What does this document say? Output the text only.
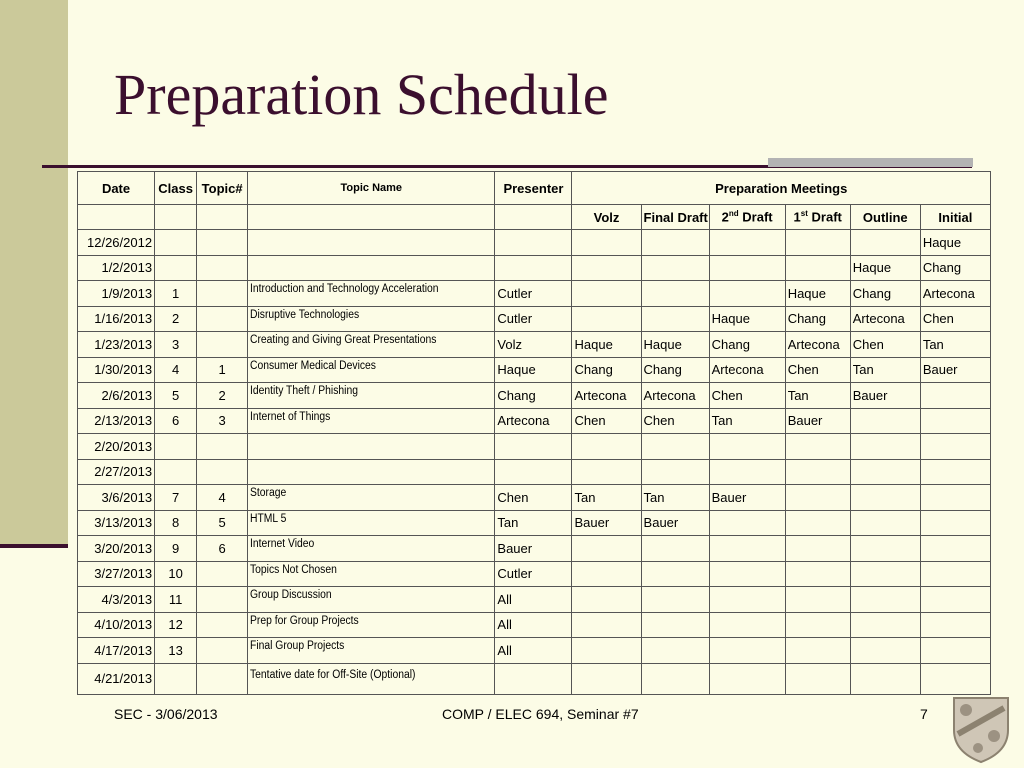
Preparation Schedule
Date	Class	Topic#	Topic Name	Presenter	Preparation Meetings					
					Volz	Final Draft	2nd Draft	1st Draft	Outline	Initial
12/26/2012										Haque
1/2/2013									Haque	Chang
1/9/2013	1		Introduction and Technology Acceleration	Cutler				Haque	Chang	Artecona
1/16/2013	2		Disruptive Technologies	Cutler			Haque	Chang	Artecona	Chen
1/23/2013	3		Creating and Giving Great Presentations	Volz	Haque	Haque	Chang	Artecona	Chen	Tan
1/30/2013	4	1	Consumer Medical Devices	Haque	Chang	Chang	Artecona	Chen	Tan	Bauer
2/6/2013	5	2	Identity Theft / Phishing	Chang	Artecona	Artecona	Chen	Tan	Bauer	
2/13/2013	6	3	Internet of Things	Artecona	Chen	Chen	Tan	Bauer		
2/20/2013										
2/27/2013										
3/6/2013	7	4	Storage	Chen	Tan	Tan	Bauer			
3/13/2013	8	5	HTML 5	Tan	Bauer	Bauer				
3/20/2013	9	6	Internet Video	Bauer						
3/27/2013	10		Topics Not Chosen	Cutler						
4/3/2013	11		Group Discussion	All						
4/10/2013	12		Prep for Group Projects	All						
4/17/2013	13		Final Group Projects	All						
4/21/2013			Tentative date for Off-Site (Optional)							
SEC - 3/06/2013	COMP / ELEC 694, Seminar #7	7
